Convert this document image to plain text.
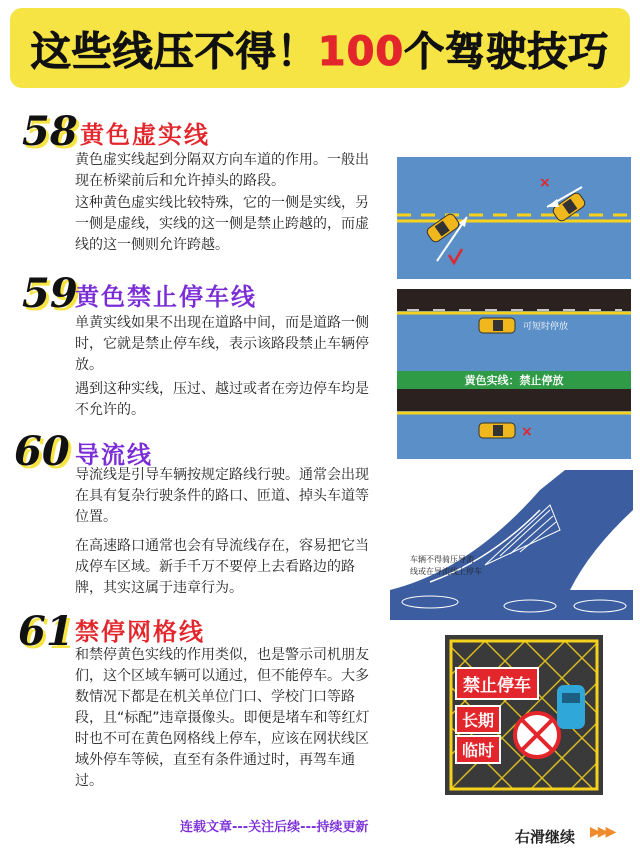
这些线压不得！100个驾驶技巧
58 黄色虚实线

黄色虚实线起到分隔双方向车道的作用。一般出现在桥梁前后和允许掉头的路段。

这种黄色虚实线比较特殊，它的一侧是实线，另一侧是虚线，实线的这一侧是禁止跨越的，而虚线的这一侧则允许跨越。

59
黄色禁止停车线

单黄实线如果不出现在道路中间，而是道路一侧时，它就是禁止停车线，表示该路段禁止车辆停放。

遇到这种实线，压过、越过或者在旁边停车均是不允许的。

60 导流线

导流线是引导车辆按规定路线行驶。通常会出现在具有复杂行驶条件的路口、匝道、掉头车道等位置。

在高速路口通常也会有导流线存在，容易把它当成停车区域。新手千万不要停上去看路边的路牌，其实这属于违章行为。

61 禁停网格线

和禁停黄色实线的作用类似，也是警示司机朋友们，这个区域车辆可以通过，但不能停车。大多数情况下都是在机关单位门口、学校门口等路段，且“标配”违章摄像头。即便是堵车和等红灯时也不可在黄色网格线上停车，应该在网状线区域外停车等候，直至有条件通过时，再驾车通过。

×
黄色实线：禁止停放
可短时停放
×
车辆不得骑压导流
线或在导流线上停车
禁止停车
长期
临时
连载文章---关注后续---持续更新
右滑继续 ▶▶▶
